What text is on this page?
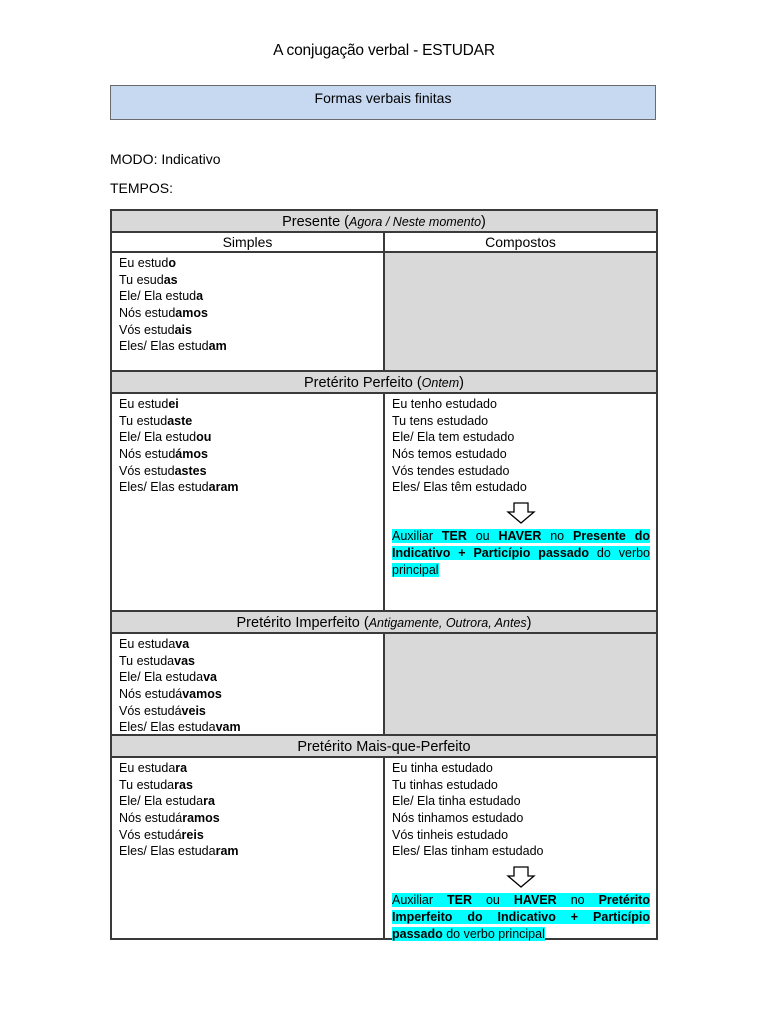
A conjugação verbal - ESTUDAR
Formas verbais finitas
MODO: Indicativo
TEMPOS:
Presente (Agora / Neste momento)
Simples	Compostos
Eu estudo
Tu esudas
Ele/ Ela estuda
Nós estudamos
Vós estudais
Eles/ Elas estudam
Pretérito Perfeito (Ontem)
Eu estudei
Tu estudaste
Ele/ Ela estudou
Nós estudámos
Vós estudastes
Eles/ Elas estudaram
Eu tenho estudado
Tu tens estudado
Ele/ Ela tem estudado
Nós temos estudado
Vós tendes estudado
Eles/ Elas têm estudado
Auxiliar TER ou HAVER no Presente do Indicativo + Particípio passado do verbo principal
Pretérito Imperfeito (Antigamente, Outrora, Antes)
Eu estudava
Tu estudavas
Ele/ Ela estudava
Nós estudávamos
Vós estudáveis
Eles/ Elas estudavam
Pretérito Mais-que-Perfeito
Eu estudara
Tu estudaras
Ele/ Ela estudara
Nós estudáramos
Vós estudáreis
Eles/ Elas estudaram
Eu tinha estudado
Tu tinhas estudado
Ele/ Ela tinha estudado
Nós tinhamos estudado
Vós tinheis estudado
Eles/ Elas tinham estudado
Auxiliar TER ou HAVER no Pretérito Imperfeito do Indicativo + Particípio passado do verbo principal
